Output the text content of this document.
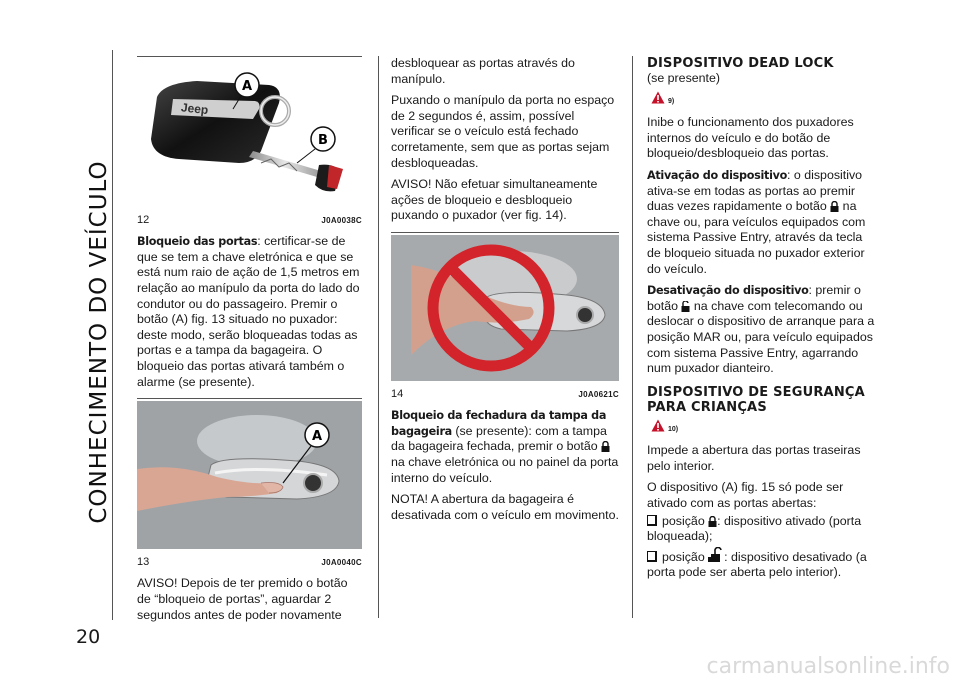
CONHECIMENTO DO VEÍCULO
20
Jeep
A
B
12	J0A0038C

Bloqueio das portas: certificar-se de que se tem a chave eletrónica e que se está num raio de ação de 1,5 metros em relação ao manípulo da porta do lado do condutor ou do passageiro. Premir o botão (A) fig. 13 situado no puxador: deste modo, serão bloqueadas todas as portas e a tampa da bagageira. O bloqueio das portas ativará também o alarme (se presente).

A
13	J0A0040C

AVISO! Depois de ter premido o botão de “bloqueio de portas”, aguardar 2 segundos antes de poder novamente

desbloquear as portas através do manípulo.

Puxando o manípulo da porta no espaço de 2 segundos é, assim, possível verificar se o veículo está fechado corretamente, sem que as portas sejam desbloqueadas.

AVISO! Não efetuar simultaneamente ações de bloqueio e desbloqueio puxando o puxador (ver fig. 14).

14	J0A0621C

Bloqueio da fechadura da tampa da bagageira (se presente): com a tampa da bagageira fechada, premir o botão  na chave eletrónica ou no painel da porta interno do veículo.

NOTA! A abertura da bagageira é desativada com o veículo em movimento.

DISPOSITIVO DEAD LOCK
(se presente)
9)

Inibe o funcionamento dos puxadores internos do veículo e do botão de bloqueio/desbloqueio das portas.

Ativação do dispositivo: o dispositivo ativa-se em todas as portas ao premir duas vezes rapidamente o botão  na chave ou, para veículos equipados com sistema Passive Entry, através da tecla de bloqueio situada no puxador exterior do veículo.

Desativação do dispositivo: premir o botão  na chave com telecomando ou deslocar o dispositivo de arranque para a posição MAR ou, para veículo equipados com sistema Passive Entry, agarrando num puxador dianteiro.

DISPOSITIVO DE SEGURANÇA PARA CRIANÇAS
10)

Impede a abertura das portas traseiras pelo interior.

O dispositivo (A) fig. 15 só pode ser ativado com as portas abertas:

posição : dispositivo ativado (porta bloqueada);

posição : dispositivo desativado (a porta pode ser aberta pelo interior).

carmanualsonline.info
